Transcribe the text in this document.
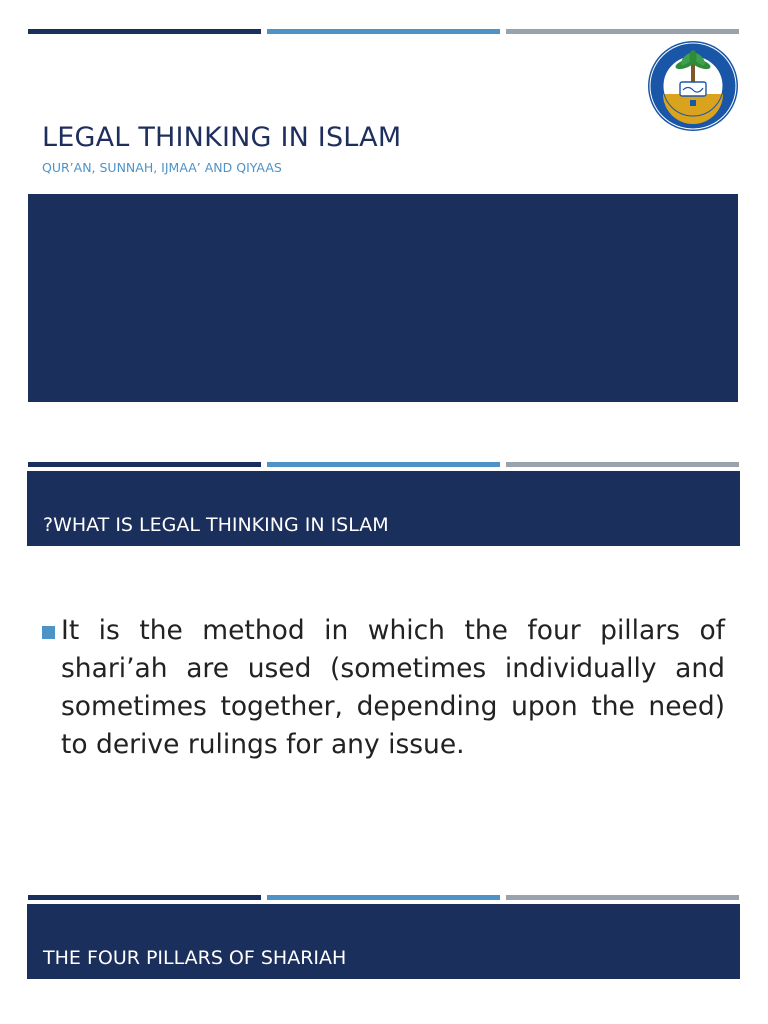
LEGAL THINKING IN ISLAM
QUR’AN, SUNNAH, IJMAA’ AND QIYAAS
?WHAT IS LEGAL THINKING IN ISLAM
It is the method in which the four pillars of shari’ah are used (sometimes individually and sometimes together, depending upon the need) to derive rulings for any issue.
THE FOUR PILLARS OF SHARIAH
